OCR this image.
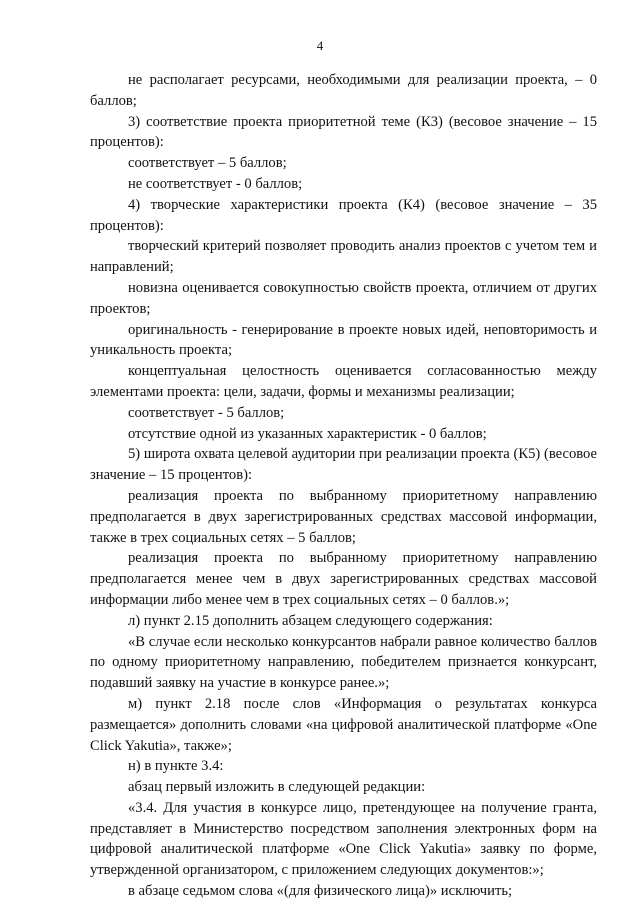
4

не располагает ресурсами, необходимыми для реализации проекта, – 0 баллов;

3) соответствие проекта приоритетной теме (К3) (весовое значение – 15 процентов):

соответствует – 5 баллов;

не соответствует - 0 баллов;

4) творческие характеристики проекта (К4) (весовое значение – 35 процентов):

творческий критерий позволяет проводить анализ проектов с учетом тем и направлений;

новизна оценивается совокупностью свойств проекта, отличием от других проектов;

оригинальность - генерирование в проекте новых идей, неповторимость и уникальность проекта;

концептуальная целостность оценивается согласованностью между элементами проекта: цели, задачи, формы и механизмы реализации;

соответствует - 5 баллов;

отсутствие одной из указанных характеристик - 0 баллов;

5) широта охвата целевой аудитории при реализации проекта (К5) (весовое значение – 15 процентов):

реализация проекта по выбранному приоритетному направлению предполагается в двух зарегистрированных средствах массовой информации, также в трех социальных сетях – 5 баллов;

реализация проекта по выбранному приоритетному направлению предполагается менее чем в двух зарегистрированных средствах массовой информации либо менее чем в трех социальных сетях – 0 баллов.»;

л) пункт 2.15 дополнить абзацем следующего содержания:

«В случае если несколько конкурсантов набрали равное количество баллов по одному приоритетному направлению, победителем признается конкурсант, подавший заявку на участие в конкурсе ранее.»;

м) пункт 2.18 после слов «Информация о результатах конкурса размещается» дополнить словами «на цифровой аналитической платформе «One Click Yakutia», также»;

н) в пункте 3.4:

абзац первый изложить в следующей редакции:

«3.4. Для участия в конкурсе лицо, претендующее на получение гранта, представляет в Министерство посредством заполнения электронных форм на цифровой аналитической платформе «One Click Yakutia» заявку по форме, утвержденной организатором, с приложением следующих документов:»;

в абзаце седьмом слова «(для физического лица)» исключить;
